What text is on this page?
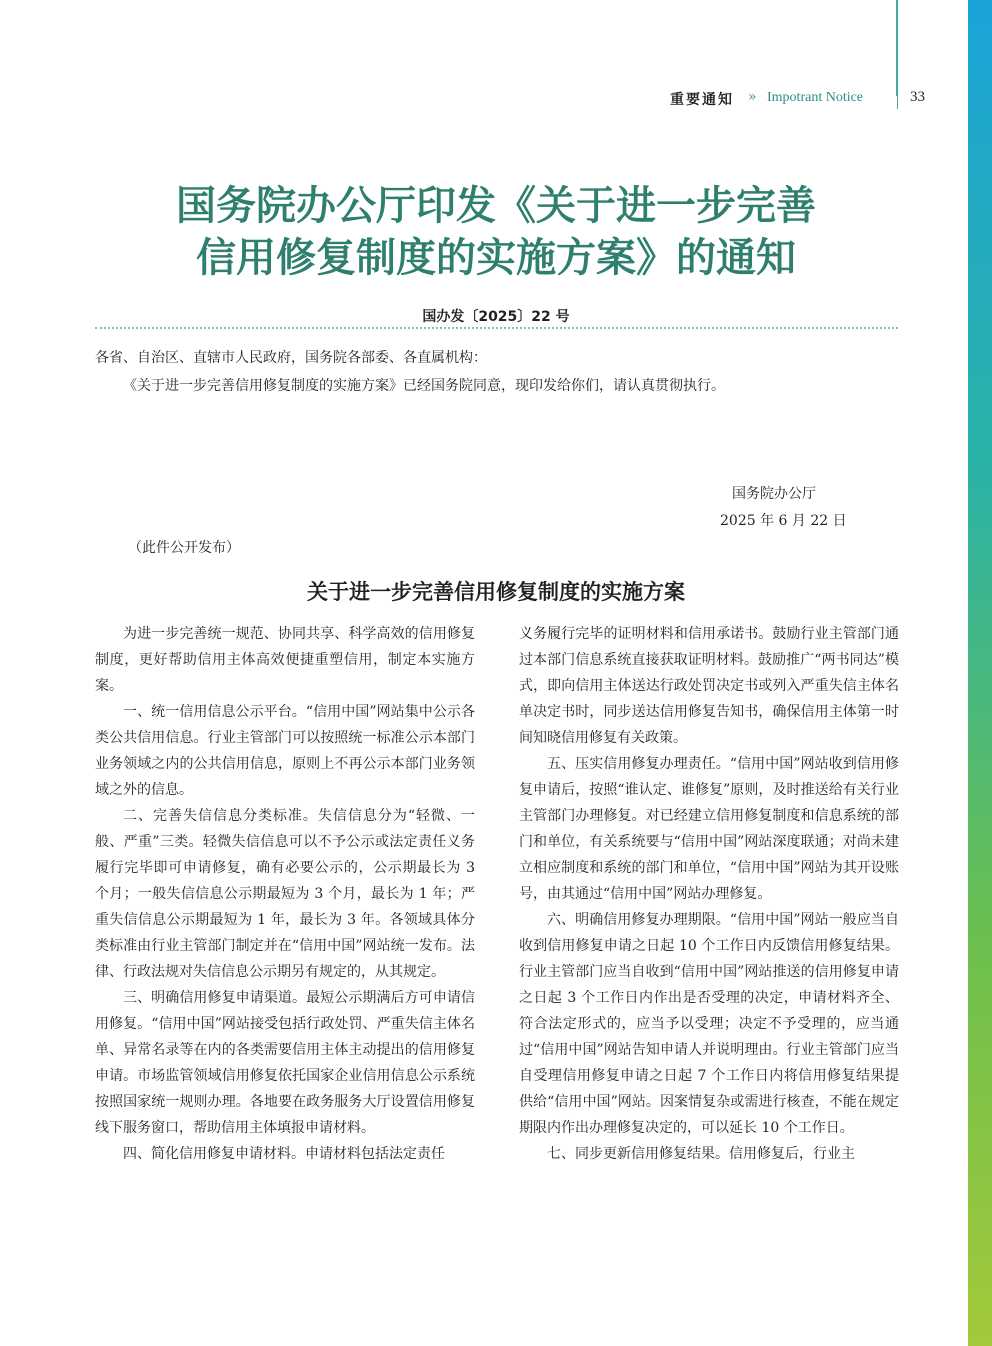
重要通知 » Impotrant Notice	33
国务院办公厅印发《关于进一步完善
信用修复制度的实施方案》的通知
国办发〔2025〕22 号
各省、自治区、直辖市人民政府，国务院各部委、各直属机构：
《关于进一步完善信用修复制度的实施方案》已经国务院同意，现印发给你们，请认真贯彻执行。
国务院办公厅
2025 年 6 月 22 日
（此件公开发布）
关于进一步完善信用修复制度的实施方案

为进一步完善统一规范、协同共享、科学高效的信用修复制度，更好帮助信用主体高效便捷重塑信用，制定本实施方案。

一、统一信用信息公示平台。“信用中国”网站集中公示各类公共信用信息。行业主管部门可以按照统一标准公示本部门业务领域之内的公共信用信息，原则上不再公示本部门业务领域之外的信息。

二、完善失信信息分类标准。失信信息分为“轻微、一般、严重”三类。轻微失信信息可以不予公示或法定责任义务履行完毕即可申请修复，确有必要公示的，公示期最长为 3 个月；一般失信信息公示期最短为 3 个月，最长为 1 年；严重失信信息公示期最短为 1 年，最长为 3 年。各领域具体分类标准由行业主管部门制定并在“信用中国”网站统一发布。法律、行政法规对失信信息公示期另有规定的，从其规定。

三、明确信用修复申请渠道。最短公示期满后方可申请信用修复。“信用中国”网站接受包括行政处罚、严重失信主体名单、异常名录等在内的各类需要信用主体主动提出的信用修复申请。市场监管领域信用修复依托国家企业信用信息公示系统按照国家统一规则办理。各地要在政务服务大厅设置信用修复线下服务窗口，帮助信用主体填报申请材料。

四、简化信用修复申请材料。申请材料包括法定责任

义务履行完毕的证明材料和信用承诺书。鼓励行业主管部门通过本部门信息系统直接获取证明材料。鼓励推广“两书同达”模式，即向信用主体送达行政处罚决定书或列入严重失信主体名单决定书时，同步送达信用修复告知书，确保信用主体第一时间知晓信用修复有关政策。

五、压实信用修复办理责任。“信用中国”网站收到信用修复申请后，按照“谁认定、谁修复”原则，及时推送给有关行业主管部门办理修复。对已经建立信用修复制度和信息系统的部门和单位，有关系统要与“信用中国”网站深度联通；对尚未建立相应制度和系统的部门和单位，“信用中国”网站为其开设账号，由其通过“信用中国”网站办理修复。

六、明确信用修复办理期限。“信用中国”网站一般应当自收到信用修复申请之日起 10 个工作日内反馈信用修复结果。行业主管部门应当自收到“信用中国”网站推送的信用修复申请之日起 3 个工作日内作出是否受理的决定，申请材料齐全、符合法定形式的，应当予以受理；决定不予受理的，应当通过“信用中国”网站告知申请人并说明理由。行业主管部门应当自受理信用修复申请之日起 7 个工作日内将信用修复结果提供给“信用中国”网站。因案情复杂或需进行核查，不能在规定期限内作出办理修复决定的，可以延长 10 个工作日。

七、同步更新信用修复结果。信用修复后，行业主
